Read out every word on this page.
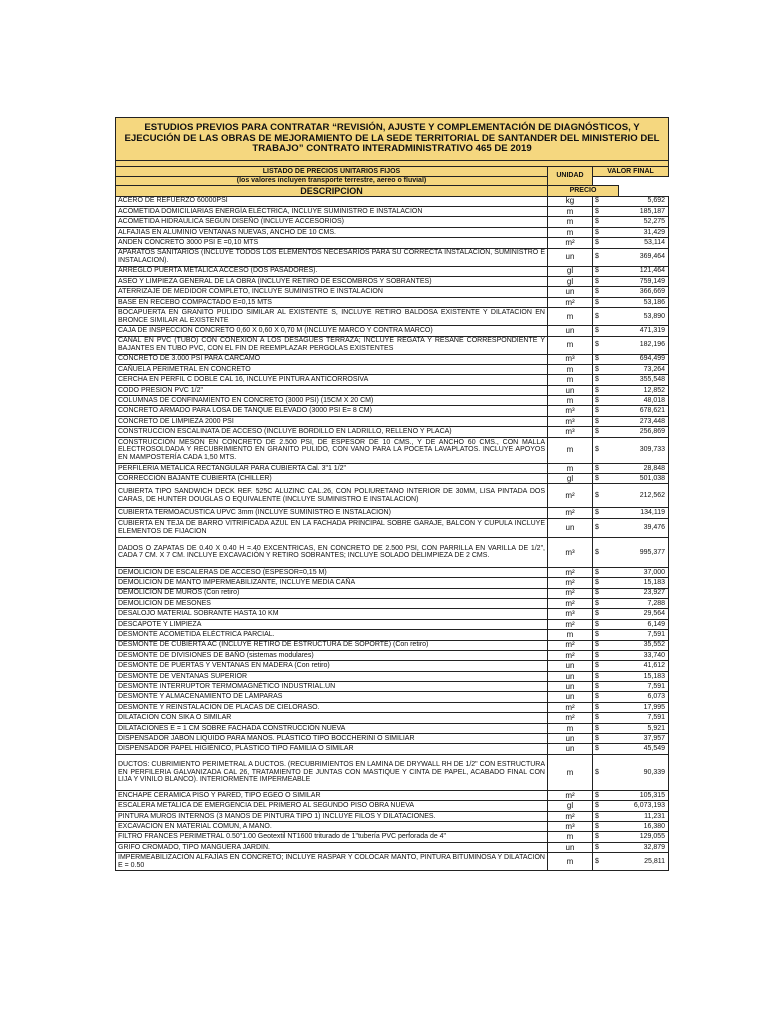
ESTUDIOS PREVIOS PARA CONTRATAR “REVISIÓN, AJUSTE Y COMPLEMENTACIÓN DE DIAGNÓSTICOS, Y EJECUCIÓN DE LAS OBRAS DE MEJORAMIENTO DE LA SEDE TERRITORIAL DE SANTANDER DEL MINISTERIO DEL TRABAJO” CONTRATO INTERADMINISTRATIVO 465 DE 2019			

LISTADO DE PRECIOS UNITARIOS FIJOS	UNIDAD	VALOR FINAL	
(los valores incluyen transporte terrestre, aereo o fluvial)			
DESCRIPCION	PRECIO		
ACERO DE REFUERZO 60000PSI	kg	$	5,692
ACOMETIDA DOMICILIARIAS ENERGÍA ELÉCTRICA, INCLUYE SUMINISTRO E INSTALACION	m	$	185,187
ACOMETIDA HIDRAULICA SEGÚN DISEÑO (INCLUYE ACCESORIOS)	m	$	52,275
ALFAJIAS EN ALUMINIO VENTANAS NUEVAS, ANCHO DE 10 CMS.	m	$	31,429
ANDEN CONCRETO 3000 PSI E =0,10 MTS	m²	$	53,114
APARATOS SANITARIOS (INCLUYE TODOS LOS ELEMENTOS NECESARIOS PARA SU CORRECTA INSTALACIÓN, SUMINISTRO E INSTALACION).	un	$	369,464
ARREGLO PUERTA METALICA ACCESO (DOS PASADORES).	gl	$	121,464
ASEO Y LIMPIEZA GENERAL DE LA OBRA (INCLUYE RETIRO DE ESCOMBROS Y SOBRANTES)	gl	$	759,149
ATERRIZAJE DE MEDIDOR COMPLETO, INCLUYE SUMINISTRO E INSTALACION	un	$	366,669
BASE EN RECEBO COMPACTADO E=0,15 MTS	m²	$	53,186
BOCAPUERTA EN GRANITO PULIDO SIMILAR AL EXISTENTE S, INCLUYE RETIRO BALDOSA EXISTENTE Y DILATACION EN BRONCE SIMILAR AL EXISTENTE	m	$	53,890
CAJA DE INSPECCION CONCRETO 0,60 X 0,60 X 0,70 M (INCLUYE MARCO Y CONTRA MARCO)	un	$	471,319
CANAL EN PVC (TUBO) CON CONEXION A LOS DESAGUES TERRAZA; INCLUYE REGATA Y RESANE CORRESPONDIENTE Y BAJANTES EN TUBO PVC, CON EL FIN DE REEMPLAZAR PERGOLAS EXISTENTES	m	$	182,196
CONCRETO DE 3.000 PSI PARA CARCAMO	m³	$	694,499
CAÑUELA PERIMETRAL EN CONCRETO	m	$	73,264
CERCHA EN PERFIL C DOBLE CAL 16, INCLUYE PINTURA ANTICORROSIVA	m	$	355,548
CODO PRESION PVC 1/2"	un	$	12,852
COLUMNAS DE CONFINAMIENTO EN CONCRETO (3000 PSI) (15CM X 20 CM)	m	$	48,018
CONCRETO ARMADO PARA LOSA DE TANQUE ELEVADO (3000 PSI E= 8 CM)	m³	$	678,621
CONCRETO DE LIMPIEZA 2000 PSI	m³	$	273,448
CONSTRUCCION ESCALINATA DE ACCESO (INCLUYE BORDILLO EN LADRILLO, RELLENO Y PLACA)	m³	$	256,869
CONSTRUCCIÓN MESON EN CONCRETO DE 2.500 PSI, DE ESPESOR DE 10 CMS., Y DE ANCHO 60 CMS., CON MALLA ELECTROSOLDADA Y RECUBRIMIENTO EN GRANITO PULIDO, CON VANO PARA LA POCETA LAVAPLATOS. INCLUYE APOYOS EN MAMPOSTERÍA CADA 1,50 MTS.	m	$	309,733
PERFILERIA METALICA RECTANGULAR PARA CUBIERTA Cal. 3"1 1/2"	m	$	28,848
CORRECCIÓN BAJANTE CUBIERTA (CHILLER)	gl	$	501,038
CUBIERTA TIPO SANDWICH DECK REF. 525C ALUZINC CAL.26, CON POLIURETANO INTERIOR DE 30MM, LISA PINTADA DOS CARAS, DE HUNTER DOUGLAS O EQUIVALENTE (INCLUYE SUMINISTRO E INSTALACION)	m²	$	212,562
CUBIERTA TERMOACUSTICA UPVC 3mm (INCLUYE SUMINISTRO E INSTALACION)	m²	$	134,119
CUBIERTA EN TEJA DE BARRO VITRIFICADA AZUL EN LA FACHADA PRINCIPAL SOBRE GARAJE, BALCON Y CUPULA INCLUYE ELEMENTOS DE FIJACION	un	$	39,476
DADOS O ZAPATAS DE 0.40 X 0.40 H =.40 EXCENTRICAS, EN CONCRETO DE 2.500 PSI, CON PARRILLA EN VARILLA DE 1/2", CADA 7 CM. X 7 CM. INCLUYE EXCAVACIÓN Y RETIRO SOBRANTES; INCLUYE SOLADO DELIMPIEZA DE 2 CMS.	m³	$	995,377
DEMOLICION DE ESCALERAS DE ACCESO (ESPESOR=0,15 M)	m²	$	37,000
DEMOLICION DE MANTO IMPERMEABILIZANTE, INCLUYE MEDIA CAÑA	m²	$	15,183
DEMOLICION DE MUROS (Con retiro)	m²	$	23,927
DEMOLICION DE MESONES	m²	$	7,288
DESALOJO MATERIAL SOBRANTE HASTA 10 KM	m³	$	29,564
DESCAPOTE Y LIMPIEZA	m²	$	6,149
DESMONTE ACOMETIDA ELÉCTRICA PARCIAL.	m	$	7,591
DESMONTE DE CUBIERTA AC (INCLUYE RETIRO DE ESTRUCTURA DE SOPORTE) (Con retiro)	m²	$	35,552
DESMONTE DE DIVISIONES DE BAÑO (sistemas modulares)	m²	$	33,740
DESMONTE DE PUERTAS Y VENTANAS EN MADERA (Con retiro)	un	$	41,612
DESMONTE DE VENTANAS SUPERIOR	un	$	15,183
DESMONTE INTERRUPTOR TERMOMAGNÉTICO INDUSTRIAL.UN	un	$	7,591
DESMONTE Y ALMACENAMIENTO DE LÁMPARAS	un	$	6,073
DESMONTE Y REINSTALACION DE PLACAS DE CIELORASO.	m²	$	17,995
DILATACION CON SIKA O SIMILAR	m²	$	7,591
DILATACIONES E = 1 CM SOBRE FACHADA CONSTRUCCIÓN NUEVA	m	$	5,921
DISPENSADOR JABON LIQUIDO PARA MANOS. PLÁSTICO TIPO BOCCHERINI O SIMILIAR	un	$	37,957
DISPENSADOR PAPEL HIGIÉNICO, PLÁSTICO TIPO FAMILIA O SIMILAR	un	$	45,549
DUCTOS: CUBRIMIENTO PERIMETRAL A DUCTOS. (RECUBRIMIENTOS EN LAMINA DE DRYWALL RH DE 1/2" CON ESTRUCTURA EN PERFILERIA GALVANIZADA CAL 26, TRATAMIENTO DE JUNTAS CON MASTIQUE Y CINTA DE PAPEL, ACABADO FINAL CON LIJA Y VINILO BLANCO). INTERIORMENTE IMPERMEABLE	m	$	90,339
ENCHAPE CERAMICA PISO Y PARED, TIPO EGEO O SIMILAR	m²	$	105,315
ESCALERA METALICA DE EMERGENCIA DEL PRIMERO AL SEGUNDO PISO OBRA NUEVA	gl	$	6,073,193
PINTURA MUROS INTERNOS (3 MANOS DE PINTURA TIPO 1) INCLUYE FILOS Y DILATACIONES.	m²	$	11,231
EXCAVACION EN MATERIAL COMUN, A MANO.	m³	$	16,380
FILTRO FRANCES PERIMETRAL 0.50"1.00 Geotextil NT1600 triturado de 1"tubería PVC perforada de 4"	m	$	129,055
GRIFO CROMADO, TIPO MANGUERA JARDIN.	un	$	32,879
IMPERMEABILIZACIÓN ALFAJÍAS EN CONCRETO; INCLUYE RASPAR Y COLOCAR MANTO, PINTURA BITUMINOSA Y DILATACIÓN E = 0.50	m	$	25,811
